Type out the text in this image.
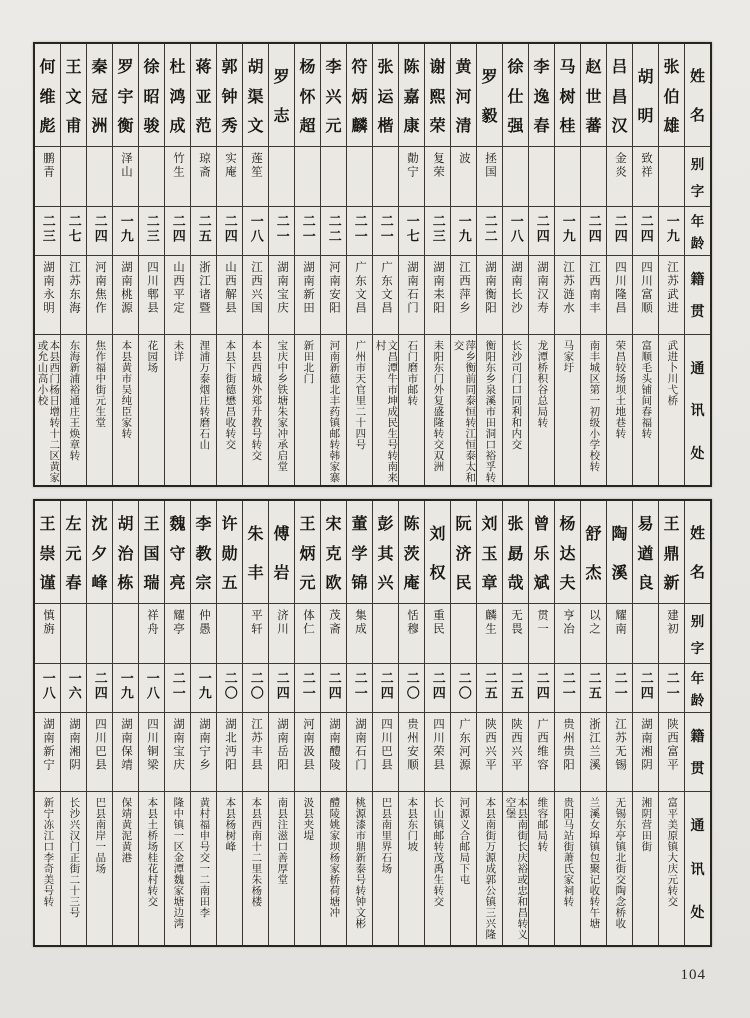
姓
名
别
字
年
龄
籍
贯
通
讯
处
张
伯
雄
一九
江苏武进
武进卜川弋桥
胡
明
致祥
二四
四川富顺
富顺毛头铺间春福转
吕
昌
汉
金炎
二四
四川隆昌
荣昌较场坝土地巷转
赵
世
蕃
二四
江西南丰
南丰城区第一初级小学校转
马
树
桂
一九
江苏涟水
马家圩
李
逸
春
二四
湖南汉寿
龙潭桥积谷总局转
徐
仕
强
一八
湖南长沙
长沙司门口同利和内交
罗
毅
拯国
二二
湖南衡阳
衡阳东乡泉溪市田洞口裕孚转
黄
河
清
波
一九
江西萍乡
萍乡衡前同泰恒转江恒泰太和交
谢
熙
荣
复荣
二三
湖南耒阳
耒阳东门外复盛隆转交双洲
陈
嘉
康
勣宁
一七
湖南石门
石门磨市邮转
张
运
楷
二一
广东文昌
文昌潭牛市坤成民生号转南来村
符
炳
麟
二一
广东文昌
广州市天官里二十四号
李
兴
元
二二
河南安阳
河南新德北丰药镇邮转韩家寨
杨
怀
超
二一
湖南新田
新田北门
罗
志
二一
湖南宝庆
宝庆中乡铁塘朱家冲承启堂
胡
渠
文
莲笙
一八
江西兴国
本县西城外郑升教号转交
郭
钟
秀
实庵
二四
山西解县
本县下街德懋昌收转交
蒋
亚
范
琼斋
二五
浙江诸暨
浬浦万泰烟庄转磨石山
杜
鸿
成
竹生
二四
山西平定
未详
徐
昭
骏
二三
四川郫县
花园场
罗
宇
衡
泽山
一九
湖南桃源
本县黄市吴纯臣家转
秦
冠
洲
二四
河南焦作
焦作福中街元生堂
王
文
甫
二七
江苏东海
东海新浦裕通庄王焕章转
何
维
彪
鹏青
二三
湖南永明
本县西门杨日增转十二区黄家或允山高小校
姓
名
别
字
年
龄
籍
贯
通
讯
处
王
鼎
新
建初
二一
陕西富平
富平美原镇大庆元转交
易
遒
良
二四
湖南湘阴
湘阴营田街
陶
溪
耀南
二一
江苏无锡
无锡东亭镇北街交陶念桥收
舒
杰
以之
二五
浙江兰溪
兰溪女埠镇包聚记收转午塘
杨
达
夫
亨冶
二一
贵州贵阳
贵阳马站街萧氏家祠转
曾
乐
斌
贯一
二四
广西维容
维容邮局转
张
勗
哉
无畏
二五
陕西兴平
本县南街长庆裕或忠和昌转义空堡
刘
玉
章
麟生
二五
陕西兴平
本县南街万源成郭公镇三兴隆
阮
济
民
二〇
广东河源
河源义合邮局下屯
刘
权
重民
二四
四川荣县
长山镇邮转茂禹生转交
陈
茨
庵
恬穆
二〇
贵州安顺
本县东门坡
彭
其
兴
二四
四川巴县
巴县南里界石场
董
学
锦
集成
二一
湖南石门
桃源漆市鼎新泰号转钟文彬
宋
克
欧
茂斋
二四
湖南醴陵
醴陵姚家坝杨家桥荷塘冲
王
炳
元
体仁
二一
河南汲县
汲县夹堤
傅
岩
济川
二四
湖南岳阳
南县注滋口善厚堂
朱
丰
平轩
二〇
江苏丰县
本县西南十二里朱杨楼
许
勋
五
二〇
湖北沔阳
本县杨树峰
李
教
宗
仲愚
一九
湖南宁乡
黄村福申号交一二南田李
魏
守
亮
耀亭
二一
湖南宝庆
隆中镇一区金潭魏家塘边湾
王
国
瑞
祥舟
一八
四川铜梁
本县土桥场桂花村转交
胡
治
栋
一九
湖南保靖
保靖黄泥黄港
沈
夕
峰
二四
四川巴县
巴县南岸一品场
左
元
春
一六
湖南湘阴
长沙兴汉门正街二十三号
王
崇
谨
慎旃
一八
湖南新宁
新宁冻江口李奇美号转
104
